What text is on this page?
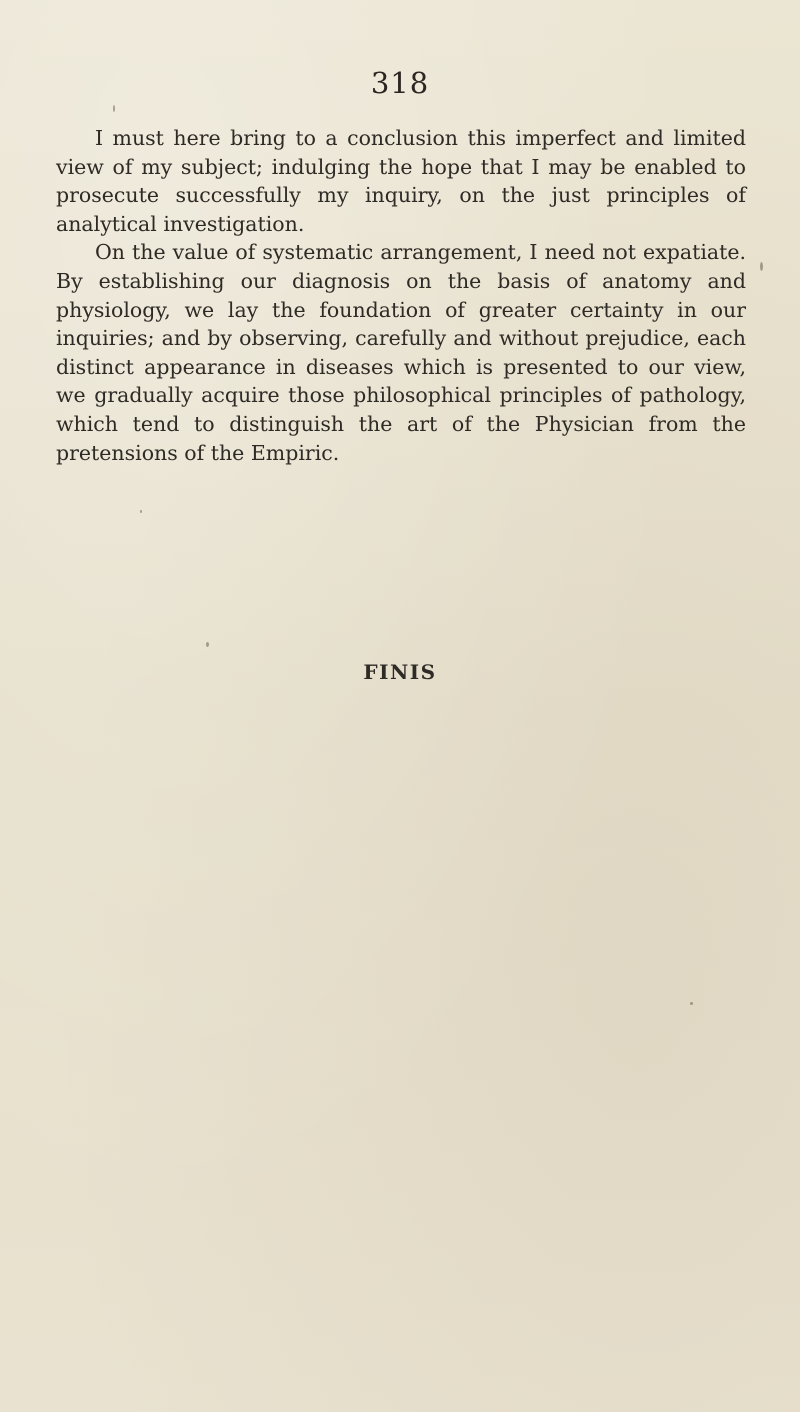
318

I must here bring to a conclusion this imperfect and limited view of my subject; indulging the hope that I may be enabled to prosecute successfully my inquiry, on the just principles of analytical investigation.

On the value of systematic arrangement, I need not expatiate. By establishing our diagnosis on the basis of anatomy and physiology, we lay the foundation of greater certainty in our inquiries; and by observing, carefully and without prejudice, each distinct appearance in diseases which is presented to our view, we gradually acquire those philosophical principles of pathology, which tend to distinguish the art of the Physician from the pretensions of the Empiric.

FINIS
